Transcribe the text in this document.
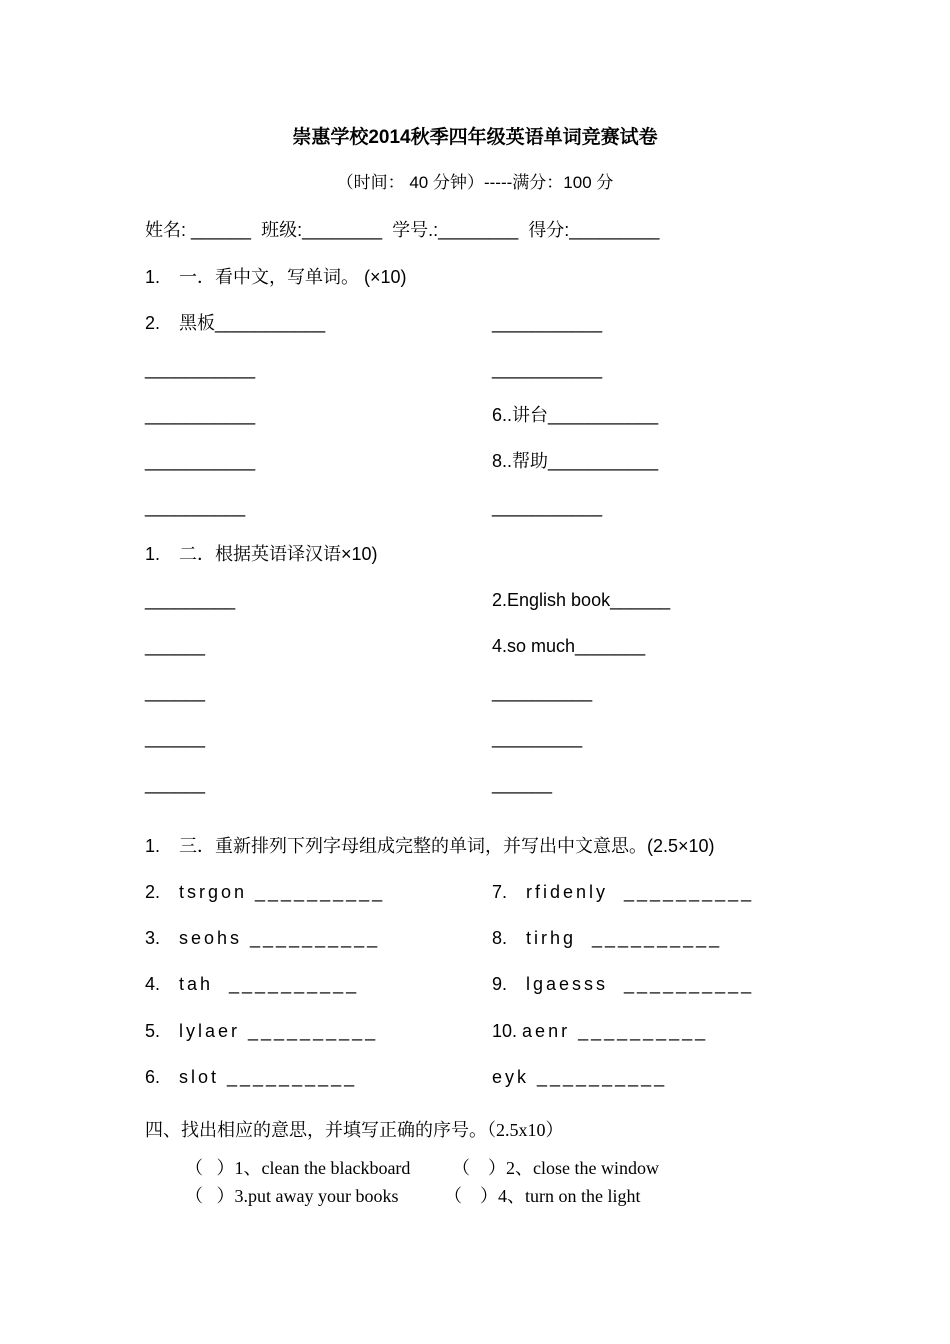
崇惠学校2014秋季四年级英语单词竞赛试卷
（时间： 40 分钟）-----满分：100 分
姓名: ______  班级:________  学号.:________  得分:_________
1. 一．看中文，写单词。 (×10)
2. 黑板___________
___________
___________
___________
__________
___________
___________
6..讲台___________
8..帮助___________
___________
1. 二．根据英语译汉语×10)
_________
______
______
______
______
2.English book______
4.so much_______
__________
_________
______
1. 三．重新排列下列字母组成完整的单词，并写出中文意思。(2.5×10)
2. tsrgon __________
3. seohs __________
4. tah  __________
5. lylaer __________
6. slot __________
7. rfidenly  __________
8. tirhg  __________
9. lgaesss  __________
10. aenr __________
eyk __________
四、找出相应的意思，并填写正确的序号。（2.5x10）
（   ）1、clean the blackboard （    ）2、close the window
（   ）3.put away your books	（    ）4、turn on the light
